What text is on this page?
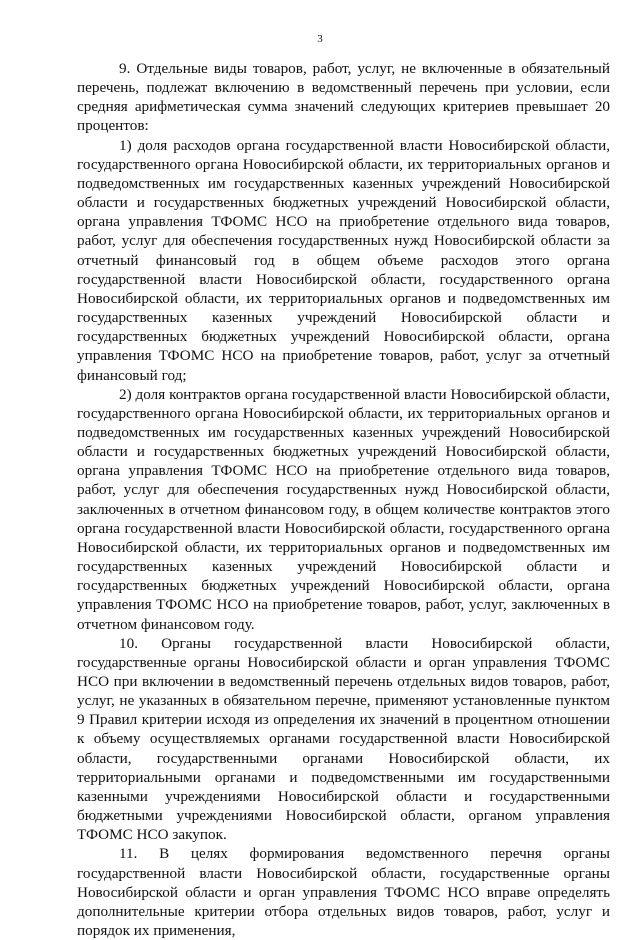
3

9. Отдельные виды товаров, работ, услуг, не включенные в обязательный перечень, подлежат включению в ведомственный перечень при условии, если средняя арифметическая сумма значений следующих критериев превышает 20 процентов:

1) доля расходов органа государственной власти Новосибирской области, государственного органа Новосибирской области, их территориальных органов и подведомственных им государственных казенных учреждений Новосибирской области и государственных бюджетных учреждений Новосибирской области, органа управления ТФОМС НСО на приобретение отдельного вида товаров, работ, услуг для обеспечения государственных нужд Новосибирской области за отчетный финансовый год в общем объеме расходов этого органа государственной власти Новосибирской области, государственного органа Новосибирской области, их территориальных органов и подведомственных им государственных казенных учреждений Новосибирской области и государственных бюджетных учреждений Новосибирской области, органа управления ТФОМС НСО на приобретение товаров, работ, услуг за отчетный финансовый год;

2) доля контрактов органа государственной власти Новосибирской области, государственного органа Новосибирской области, их территориальных органов и подведомственных им государственных казенных учреждений Новосибирской области и государственных бюджетных учреждений Новосибирской области, органа управления ТФОМС НСО на приобретение отдельного вида товаров, работ, услуг для обеспечения государственных нужд Новосибирской области, заключенных в отчетном финансовом году, в общем количестве контрактов этого органа государственной власти Новосибирской области, государственного органа Новосибирской области, их территориальных органов и подведомственных им государственных казенных учреждений Новосибирской области и государственных бюджетных учреждений Новосибирской области, органа управления ТФОМС НСО на приобретение товаров, работ, услуг, заключенных в отчетном финансовом году.

10. Органы государственной власти Новосибирской области, государственные органы Новосибирской области и орган управления ТФОМС НСО при включении в ведомственный перечень отдельных видов товаров, работ, услуг, не указанных в обязательном перечне, применяют установленные пунктом 9 Правил критерии исходя из определения их значений в процентном отношении к объему осуществляемых органами государственной власти Новосибирской области, государственными органами Новосибирской области, их территориальными органами и подведомственными им государственными казенными учреждениями Новосибирской области и государственными бюджетными учреждениями Новосибирской области, органом управления ТФОМС НСО закупок.

11. В целях формирования ведомственного перечня органы государственной власти Новосибирской области, государственные органы Новосибирской области и орган управления ТФОМС НСО вправе определять дополнительные критерии отбора отдельных видов товаров, работ, услуг и порядок их применения,
